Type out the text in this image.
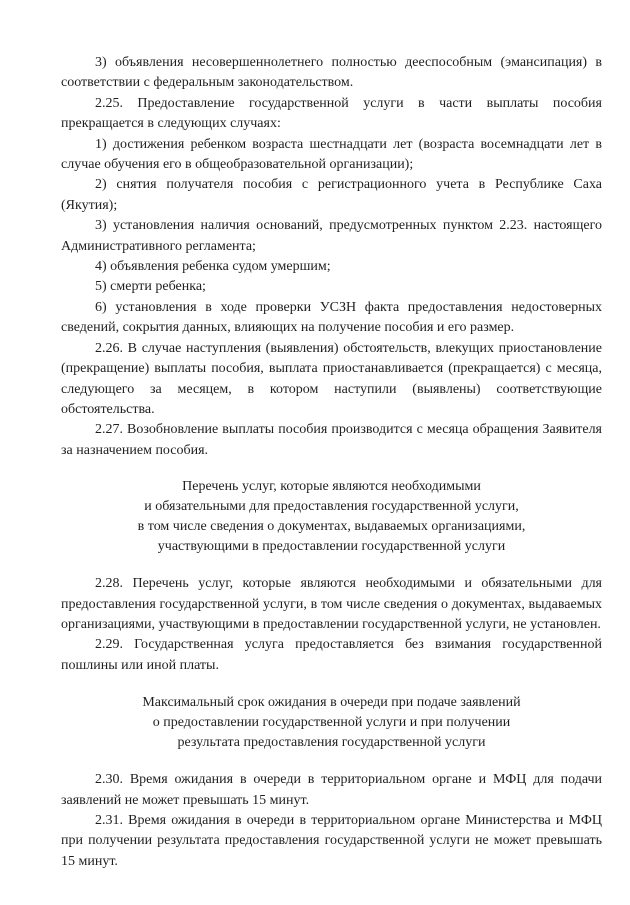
3) объявления несовершеннолетнего полностью дееспособным (эмансипация) в соответствии с федеральным законодательством.

2.25. Предоставление государственной услуги в части выплаты пособия прекращается в следующих случаях:

1) достижения ребенком возраста шестнадцати лет (возраста восемнадцати лет в случае обучения его в общеобразовательной организации);

2) снятия получателя пособия с регистрационного учета в Республике Саха (Якутия);

3) установления наличия оснований, предусмотренных пунктом 2.23. настоящего Административного регламента;

4) объявления ребенка судом умершим;

5) смерти ребенка;

6) установления в ходе проверки УСЗН факта предоставления недостоверных сведений, сокрытия данных, влияющих на получение пособия и его размер.

2.26. В случае наступления (выявления) обстоятельств, влекущих приостановление (прекращение) выплаты пособия, выплата приостанавливается (прекращается) с месяца, следующего за месяцем, в котором наступили (выявлены) соответствующие обстоятельства.

2.27. Возобновление выплаты пособия производится с месяца обращения Заявителя за назначением пособия.

Перечень услуг, которые являются необходимыми
и обязательными для предоставления государственной услуги,
в том числе сведения о документах, выдаваемых организациями,
участвующими в предоставлении государственной услуги

2.28. Перечень услуг, которые являются необходимыми и обязательными для предоставления государственной услуги, в том числе сведения о документах, выдаваемых организациями, участвующими в предоставлении государственной услуги, не установлен.

2.29. Государственная услуга предоставляется без взимания государственной пошлины или иной платы.

Максимальный срок ожидания в очереди при подаче заявлений
о предоставлении государственной услуги и при получении
результата предоставления государственной услуги

2.30. Время ожидания в очереди в территориальном органе и МФЦ для подачи заявлений не может превышать 15 минут.

2.31. Время ожидания в очереди в территориальном органе Министерства и МФЦ при получении результата предоставления государственной услуги не может превышать 15 минут.
